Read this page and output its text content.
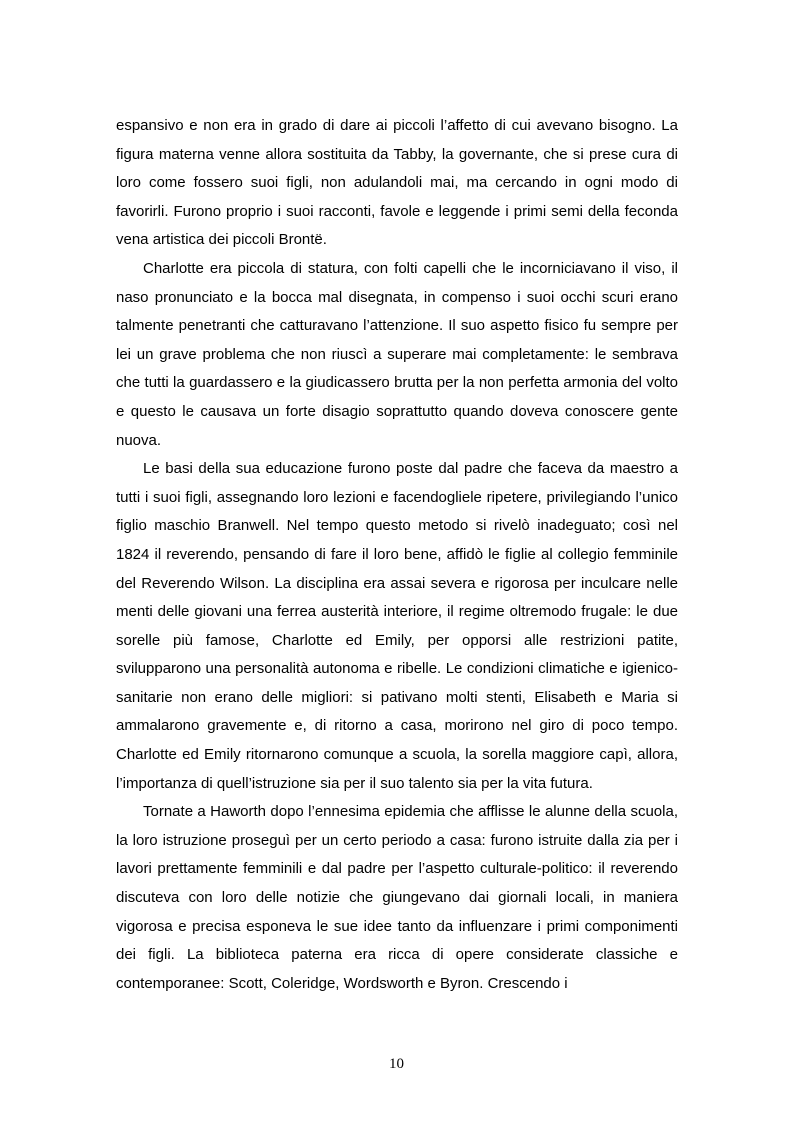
espansivo e non era in grado di dare ai piccoli l’affetto di cui avevano bisogno. La figura materna venne allora sostituita da Tabby, la governante, che si prese cura di loro come fossero suoi figli, non adulandoli mai, ma cercando in ogni modo di favorirli. Furono proprio i suoi racconti, favole e leggende i primi semi della feconda vena artistica dei piccoli Brontë.

Charlotte era piccola di statura, con folti capelli che le incorniciavano il viso, il naso pronunciato e la bocca mal disegnata, in compenso i suoi occhi scuri erano talmente penetranti che catturavano l’attenzione. Il suo aspetto fisico fu sempre per lei un grave problema che non riuscì a superare mai completamente: le sembrava che tutti la guardassero e la giudicassero brutta per la non perfetta armonia del volto e questo le causava un forte disagio soprattutto quando doveva conoscere gente nuova.

Le basi della sua educazione furono poste dal padre che faceva da maestro a tutti i suoi figli, assegnando loro lezioni e facendogliele ripetere, privilegiando l’unico figlio maschio Branwell. Nel tempo questo metodo si rivelò inadeguato; così nel 1824 il reverendo, pensando di fare il loro bene, affidò le figlie al collegio femminile del Reverendo Wilson. La disciplina era assai severa e rigorosa per inculcare nelle menti delle giovani una ferrea austerità interiore, il regime oltremodo frugale: le due sorelle più famose, Charlotte ed Emily, per opporsi alle restrizioni patite, svilupparono una personalità autonoma e ribelle. Le condizioni climatiche e igienico-sanitarie non erano delle migliori: si pativano molti stenti, Elisabeth e Maria si ammalarono gravemente e, di ritorno a casa, morirono nel giro di poco tempo. Charlotte ed Emily ritornarono comunque a scuola, la sorella maggiore capì, allora, l’importanza di quell’istruzione sia per il suo talento sia per la vita futura.

Tornate a Haworth dopo l’ennesima epidemia che afflisse le alunne della scuola, la loro istruzione proseguì per un certo periodo a casa: furono istruite dalla zia per i lavori prettamente femminili e dal padre per l’aspetto culturale-politico: il reverendo discuteva con loro delle notizie che giungevano dai giornali locali, in maniera vigorosa e precisa esponeva le sue idee tanto da influenzare i primi componimenti dei figli. La biblioteca paterna era ricca di opere considerate classiche e contemporanee: Scott, Coleridge, Wordsworth e Byron. Crescendo i

10
